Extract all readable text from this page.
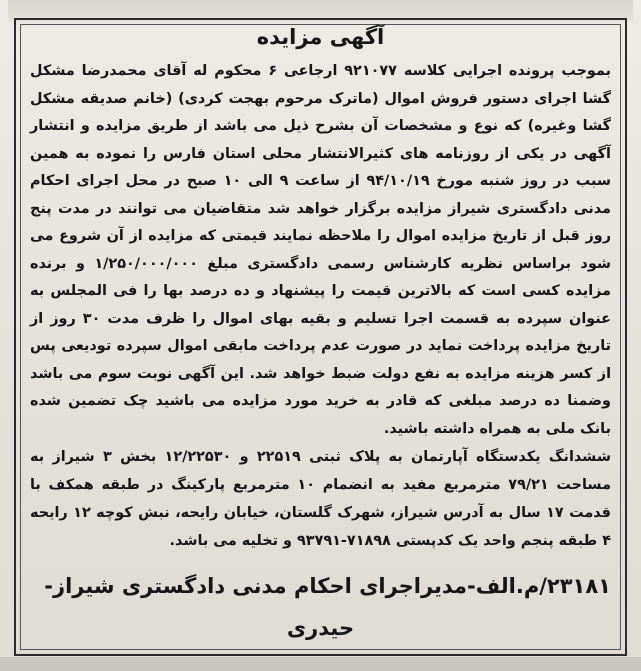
آگهی مزایده

بموجب پرونده اجرایی کلاسه ۹۲۱۰۷۷ ارجاعی ۶ محکوم له آقای محمدرضا مشکل گشا اجرای دستور فروش اموال (ماترک مرحوم بهجت کردی) (خانم صدیقه مشکل گشا وغیره) که نوع و مشخصات آن بشرح ذیل می باشد از طریق مزایده و انتشار آگهی در یکی از روزنامه های کثیرالانتشار محلی استان فارس را نموده به همین سبب در روز شنبه مورخ ۹۴/۱۰/۱۹ از ساعت ۹ الی ۱۰ صبح در محل اجرای احکام مدنی دادگستری شیراز مزایده برگزار خواهد شد متقاضیان می توانند در مدت پنج روز قبل از تاریخ مزایده اموال را ملاحظه نمایند قیمتی که مزایده از آن شروع می شود براساس نظریه کارشناس رسمی دادگستری مبلغ ۱/۲۵۰/۰۰۰/۰۰۰ و برنده مزایده کسی است که بالاترین قیمت را پیشنهاد و ده درصد بها را فی المجلس به عنوان سپرده به قسمت اجرا تسلیم و بقیه بهای اموال را ظرف مدت ۳۰ روز از تاریخ مزایده پرداخت نماید در صورت عدم پرداخت مابقی اموال سپرده تودیعی پس از کسر هزینه مزایده به نفع دولت ضبط خواهد شد. این آگهی نوبت سوم می باشد وضمنا ده درصد مبلغی که قادر به خرید مورد مزایده می باشید چک تضمین شده بانک ملی به همراه داشته باشید.

ششدانگ یکدستگاه آپارتمان به پلاک ثبتی ۲۲۵۱۹ و ۱۲/۲۲۵۳۰ بخش ۳ شیراز به مساحت ۷۹/۲۱ مترمربع مفید به انضمام ۱۰ مترمربع پارکینگ در طبقه همکف با قدمت ۱۷ سال به آدرس شیراز، شهرک گلستان، خیابان رایحه، نبش کوچه ۱۲ رایحه ۴ طبقه پنجم واحد یک کدپستی ۷۱۸۹۸-۹۳۷۹۱ و تخلیه می باشد.

۲۳۱۸۱/م.الف-مدیراجرای احکام مدنی دادگستری شیراز-
حیدری
